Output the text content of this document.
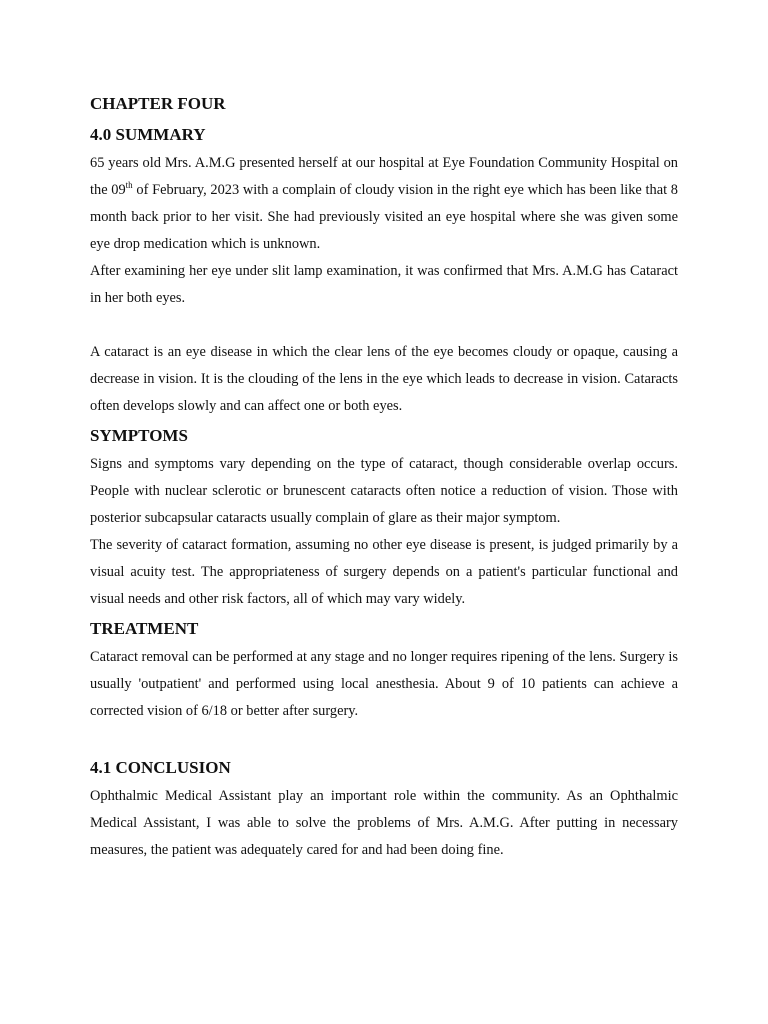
CHAPTER FOUR
4.0 SUMMARY

65 years old Mrs. A.M.G presented herself at our hospital at Eye Foundation Community Hospital on the 09th of February, 2023 with a complain of cloudy vision in the right eye which has been like that 8 month back prior to her visit. She had previously visited an eye hospital where she was given some eye drop medication which is unknown.

After examining her eye under slit lamp examination, it was confirmed that Mrs. A.M.G has Cataract in her both eyes.

A cataract is an eye disease in which the clear lens of the eye becomes cloudy or opaque, causing a decrease in vision. It is the clouding of the lens in the eye which leads to decrease in vision. Cataracts often develops slowly and can affect one or both eyes.

SYMPTOMS

Signs and symptoms vary depending on the type of cataract, though considerable overlap occurs. People with nuclear sclerotic or brunescent cataracts often notice a reduction of vision. Those with posterior subcapsular cataracts usually complain of glare as their major symptom.

The severity of cataract formation, assuming no other eye disease is present, is judged primarily by a visual acuity test. The appropriateness of surgery depends on a patient's particular functional and visual needs and other risk factors, all of which may vary widely.

TREATMENT

Cataract removal can be performed at any stage and no longer requires ripening of the lens. Surgery is usually 'outpatient' and performed using local anesthesia. About 9 of 10 patients can achieve a corrected vision of 6/18 or better after surgery.

4.1 CONCLUSION

Ophthalmic Medical Assistant play an important role within the community. As an Ophthalmic Medical Assistant, I was able to solve the problems of Mrs. A.M.G. After putting in necessary measures, the patient was adequately cared for and had been doing fine.
